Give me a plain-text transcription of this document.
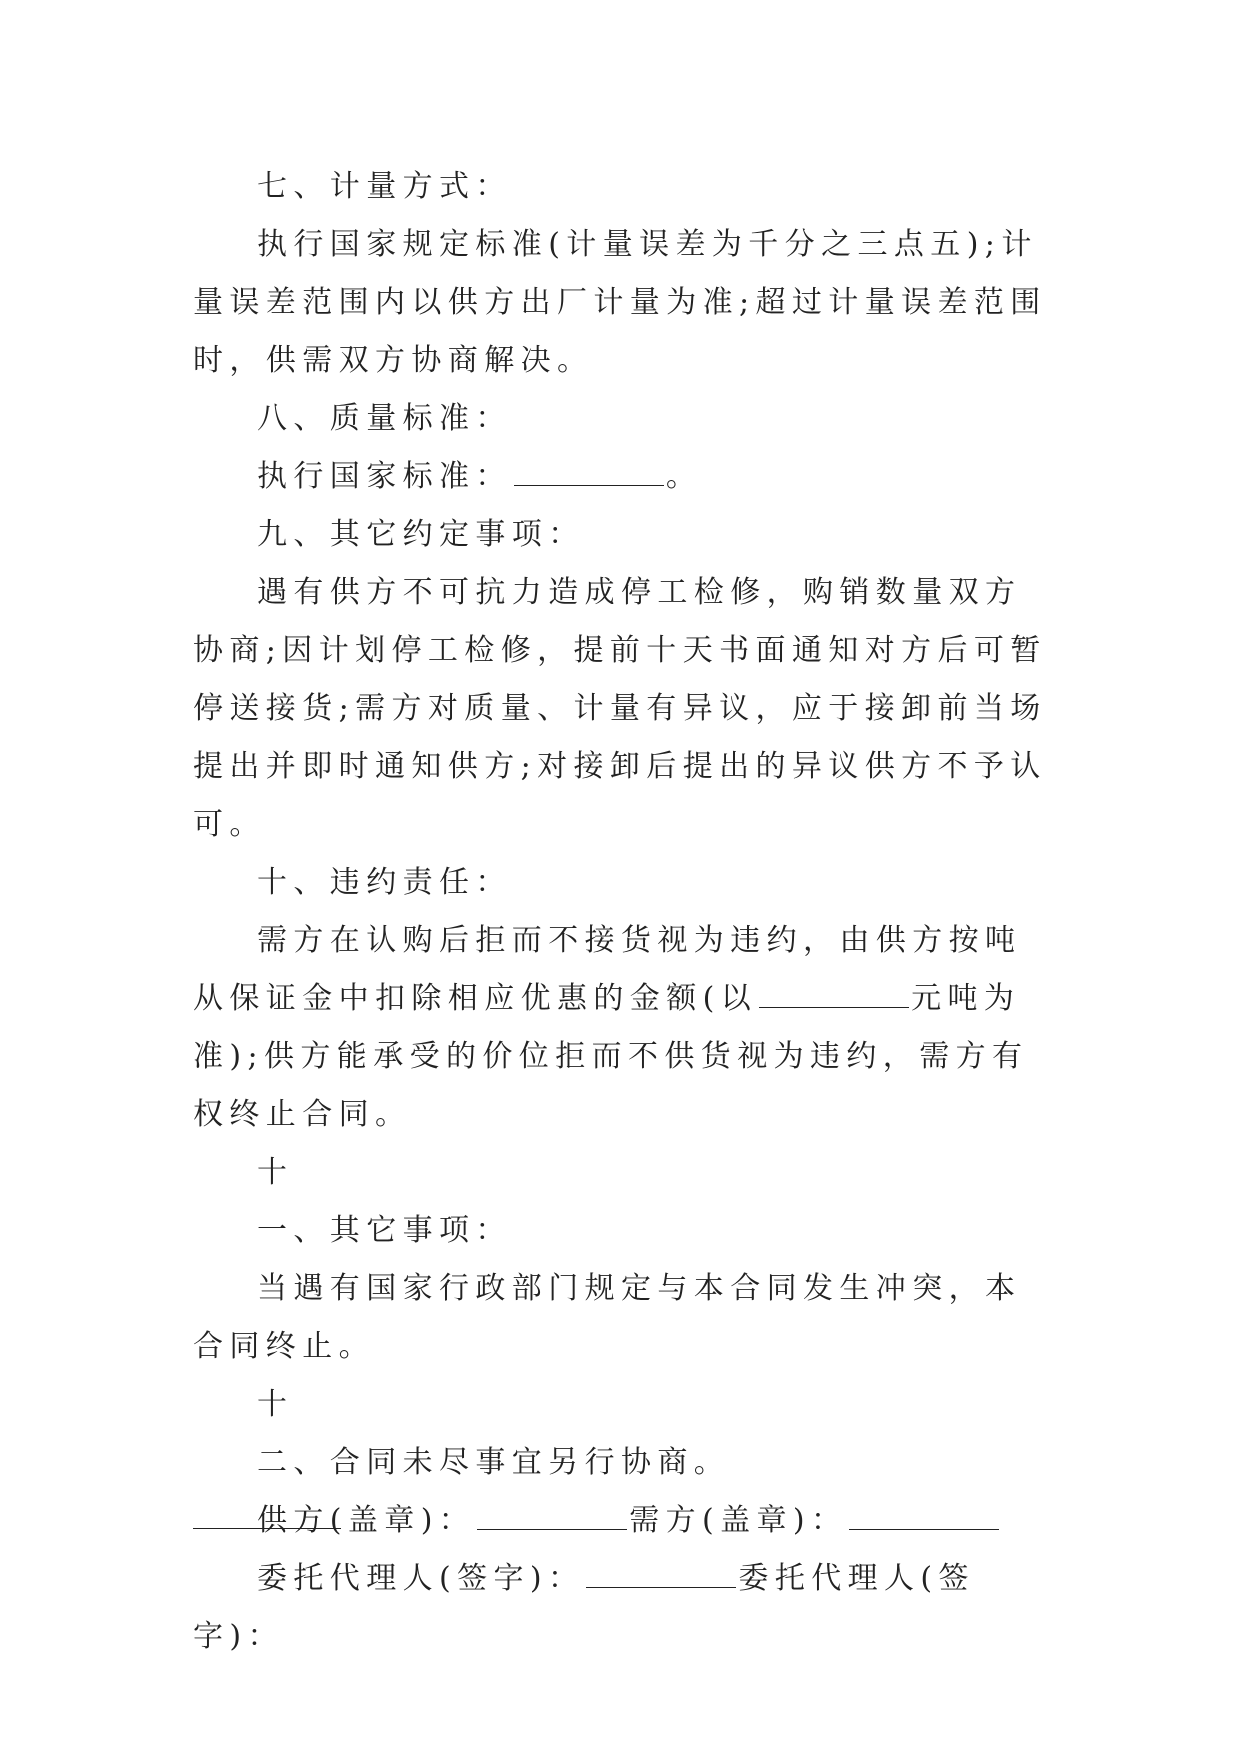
七、计量方式：

执行国家规定标准(计量误差为千分之三点五);计量误差范围内以供方出厂计量为准;超过计量误差范围时，供需双方协商解决。

八、质量标准：

执行国家标准：	。

九、其它约定事项：

遇有供方不可抗力造成停工检修，购销数量双方协商;因计划停工检修，提前十天书面通知对方后可暂停送接货;需方对质量、计量有异议，应于接卸前当场提出并即时通知供方;对接卸后提出的异议供方不予认可。

十、违约责任：

需方在认购后拒而不接货视为违约，由供方按吨从保证金中扣除相应优惠的金额(以	元吨为准);供方能承受的价位拒而不供货视为违约，需方有权终止合同。

十

一、其它事项：

当遇有国家行政部门规定与本合同发生冲突，本合同终止。

十

二、合同未尽事宜另行协商。

供方(盖章)：	需方(盖章)：

委托代理人(签字)：	委托代理人(签字)：
